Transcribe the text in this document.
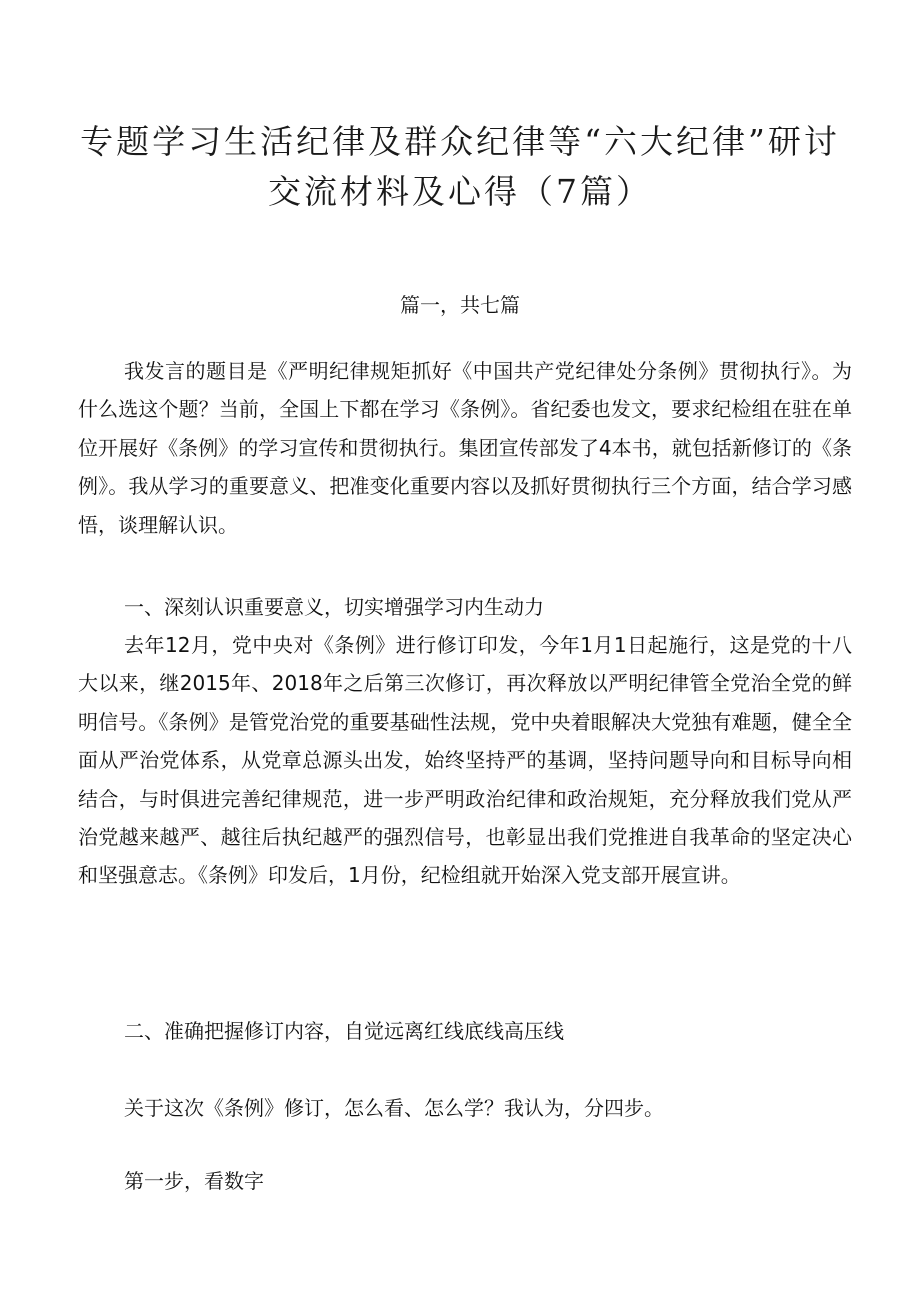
专题学习生活纪律及群众纪律等“六大纪律”研讨
交流材料及心得（7篇）
篇一，共七篇

我发言的题目是《严明纪律规矩抓好《中国共产党纪律处分条例》贯彻执行》。为什么选这个题？当前，全国上下都在学习《条例》。省纪委也发文，要求纪检组在驻在单位开展好《条例》的学习宣传和贯彻执行。集团宣传部发了4本书，就包括新修订的《条例》。我从学习的重要意义、把准变化重要内容以及抓好贯彻执行三个方面，结合学习感悟，谈理解认识。

一、深刻认识重要意义，切实增强学习内生动力

去年12月，党中央对《条例》进行修订印发，今年1月1日起施行，这是党的十八大以来，继2015年、2018年之后第三次修订，再次释放以严明纪律管全党治全党的鲜明信号。《条例》是管党治党的重要基础性法规，党中央着眼解决大党独有难题，健全全面从严治党体系，从党章总源头出发，始终坚持严的基调，坚持问题导向和目标导向相结合，与时俱进完善纪律规范，进一步严明政治纪律和政治规矩，充分释放我们党从严治党越来越严、越往后执纪越严的强烈信号，也彰显出我们党推进自我革命的坚定决心和坚强意志。《条例》印发后，1月份，纪检组就开始深入党支部开展宣讲。

二、准确把握修订内容，自觉远离红线底线高压线
关于这次《条例》修订，怎么看、怎么学？我认为，分四步。
第一步，看数字
